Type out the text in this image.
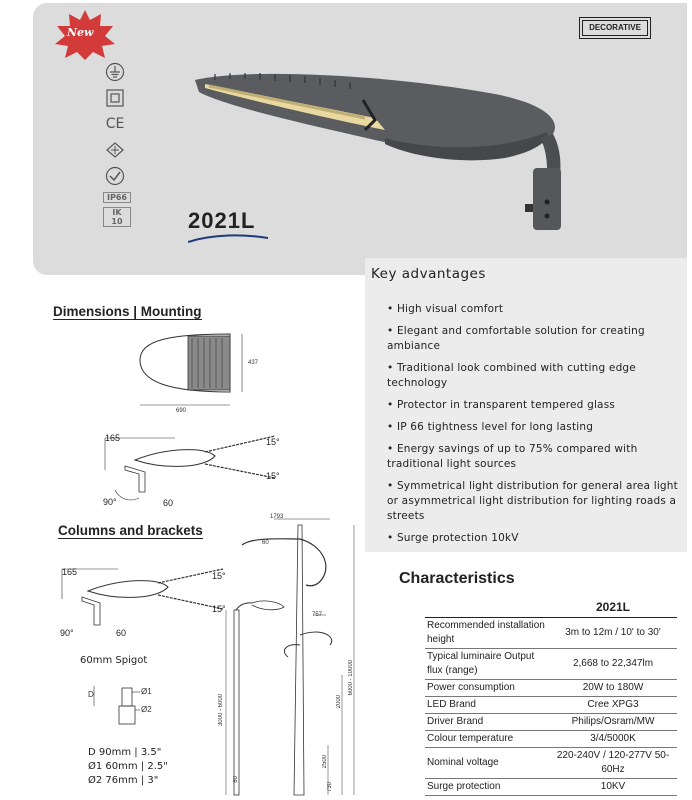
New
CE
IP66
IK 10
DECORATIVE
2021L
Key advantages
• High visual comfort
• Elegant and comfortable solution for creating ambiance
• Traditional look combined with cutting edge technology
• Protector in transparent tempered glass
• IP 66 tightness level for long lasting
• Energy savings of up to 75% compared with traditional light sources
• Symmetrical light distribution for general area light or asymmetrical light distribution for lighting roads a streets
• Surge protection 10kV
Dimensions | Mounting
437
690
165	15°
15°
90°	60
Columns and brackets
165	15°
15°
90°	60
60mm Spigot
D	Ø1
Ø2
D 90mm | 3.5"
Ø1 60mm | 2.5"
Ø2 76mm | 3"
1793
60
757
6000 - 10000
3000 - 6000	2000
2500
80
730
Characteristics
	2021L
Recommended installation height	3m to 12m / 10' to 30'
Typical luminaire Output flux (range)	2,668 to 22,347lm
Power consumption	20W to 180W
LED Brand	Cree XPG3
Driver Brand	Philips/Osram/MW
Colour temperature	3/4/5000K
Nominal voltage	220-240V / 120-277V 50-60Hz
Surge protection	10KV
